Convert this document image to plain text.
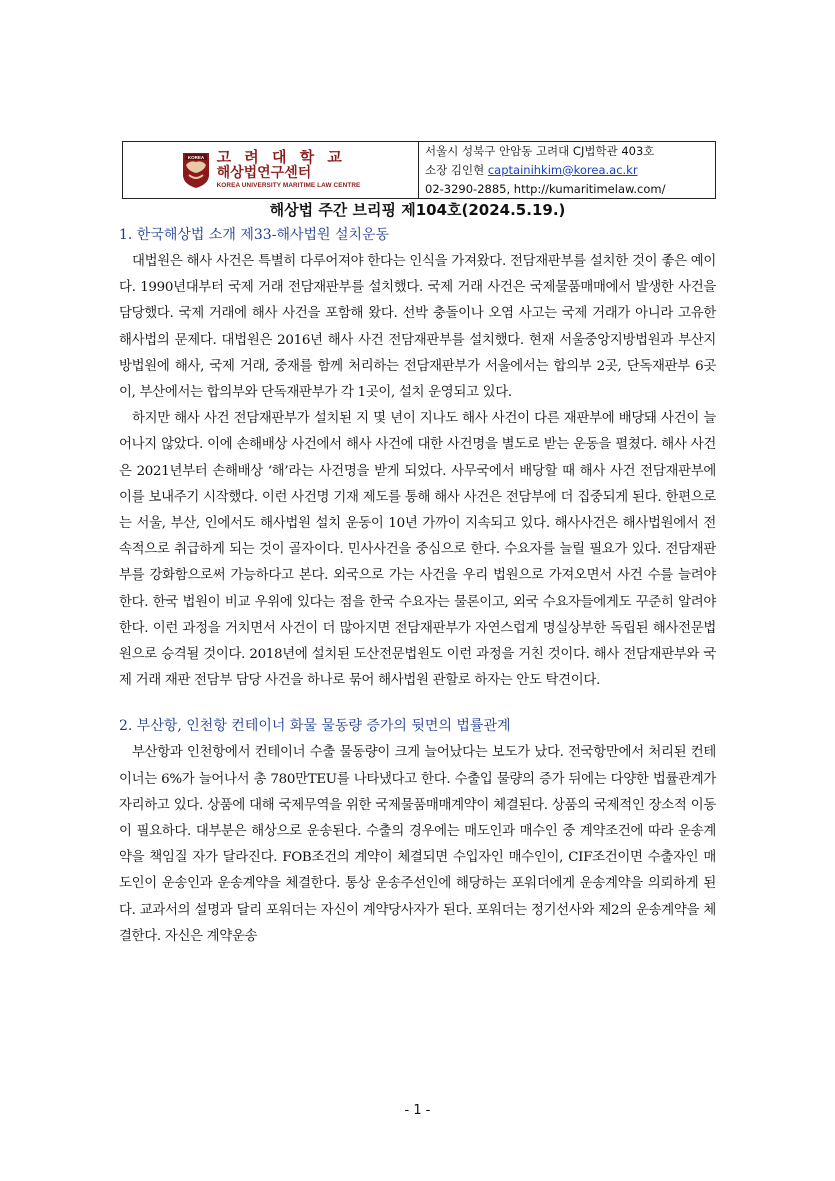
KOREA 고 려 대 학 교
해상법연구센터
KOREA UNIVERSITY MARITIME LAW CENTRE
서울시 성북구 안암동 고려대 CJ법학관 403호
소장 김인현 captainihkim@korea.ac.kr
02-3290-2885, http://kumaritimelaw.com/
해상법 주간 브리핑 제104호(2024.5.19.)
1. 한국해상법 소개 제33-해사법원 설치운동

대법원은 해사 사건은 특별히 다루어져야 한다는 인식을 가져왔다. 전담재판부를 설치한 것이 좋은 예이다. 1990년대부터 국제 거래 전담재판부를 설치했다. 국제 거래 사건은 국제물품매매에서 발생한 사건을 담당했다. 국제 거래에 해사 사건을 포함해 왔다. 선박 충돌이나 오염 사고는 국제 거래가 아니라 고유한 해사법의 문제다. 대법원은 2016년 해사 사건 전담재판부를 설치했다. 현재 서울중앙지방법원과 부산지방법원에 해사, 국제 거래, 중재를 함께 처리하는 전담재판부가 서울에서는 합의부 2곳, 단독재판부 6곳이, 부산에서는 합의부와 단독재판부가 각 1곳이, 설치 운영되고 있다.

하지만 해사 사건 전담재판부가 설치된 지 몇 년이 지나도 해사 사건이 다른 재판부에 배당돼 사건이 늘어나지 않았다. 이에 손해배상 사건에서 해사 사건에 대한 사건명을 별도로 받는 운동을 펼쳤다. 해사 사건은 2021년부터 손해배상 ‘해’라는 사건명을 받게 되었다. 사무국에서 배당할 때 해사 사건 전담재판부에 이를 보내주기 시작했다. 이런 사건명 기재 제도를 통해 해사 사건은 전담부에 더 집중되게 된다. 한편으로는 서울, 부산, 인에서도 해사법원 설치 운동이 10년 가까이 지속되고 있다. 해사사건은 해사법원에서 전속적으로 취급하게 되는 것이 골자이다. 민사사건을 중심으로 한다. 수요자를 늘릴 필요가 있다. 전담재판부를 강화함으로써 가능하다고 본다. 외국으로 가는 사건을 우리 법원으로 가져오면서 사건 수를 늘려야 한다. 한국 법원이 비교 우위에 있다는 점을 한국 수요자는 물론이고, 외국 수요자들에게도 꾸준히 알려야 한다. 이런 과정을 거치면서 사건이 더 많아지면 전담재판부가 자연스럽게 명실상부한 독립된 해사전문법원으로 승격될 것이다. 2018년에 설치된 도산전문법원도 이런 과정을 거친 것이다. 해사 전담재판부와 국제 거래 재판 전담부 담당 사건을 하나로 묶어 해사법원 관할로 하자는 안도 탁견이다.

2. 부산항, 인천항 컨테이너 화물 물동량 증가의 뒷면의 법률관계

부산항과 인천항에서 컨테이너 수출 물동량이 크게 늘어났다는 보도가 났다. 전국항만에서 처리된 컨테이너는 6%가 늘어나서 총 780만TEU를 나타냈다고 한다. 수출입 물량의 증가 뒤에는 다양한 법률관계가 자리하고 있다. 상품에 대해 국제무역을 위한 국제물품매매계약이 체결된다. 상품의 국제적인 장소적 이동이 필요하다. 대부분은 해상으로 운송된다. 수출의 경우에는 매도인과 매수인 중 계약조건에 따라 운송계약을 책임질 자가 달라진다. FOB조건의 계약이 체결되면 수입자인 매수인이, CIF조건이면 수출자인 매도인이 운송인과 운송계약을 체결한다. 통상 운송주선인에 해당하는 포워더에게 운송계약을 의뢰하게 된다. 교과서의 설명과 달리 포워더는 자신이 계약당사자가 된다. 포워더는 정기선사와 제2의 운송계약을 체결한다. 자신은 계약운송

- 1 -
